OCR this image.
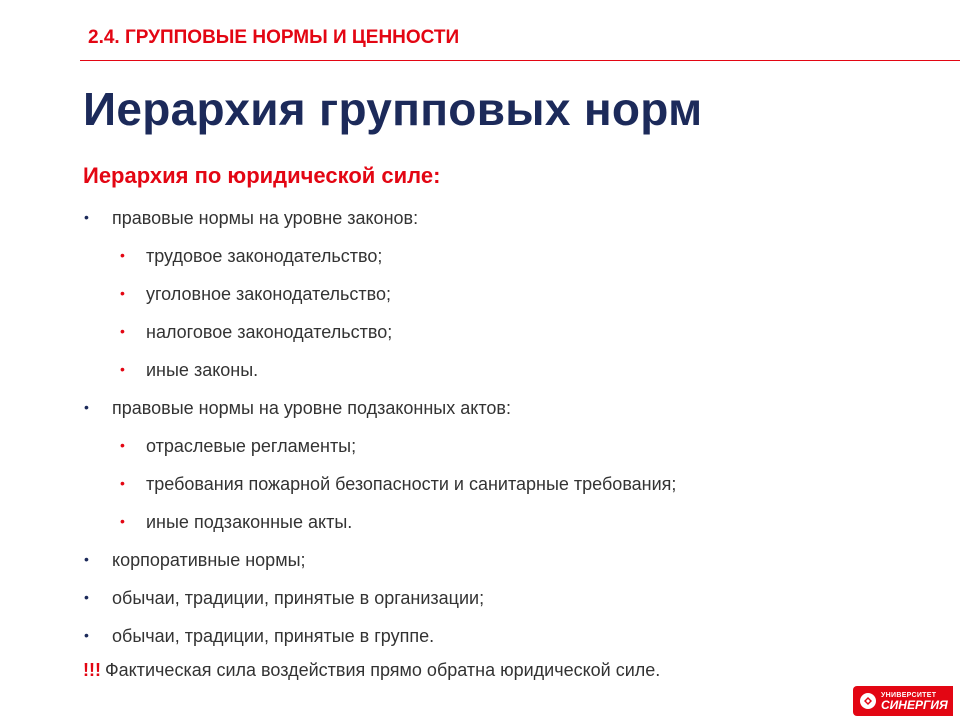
2.4. ГРУППОВЫЕ НОРМЫ И ЦЕННОСТИ
Иерархия групповых норм
Иерархия по юридической силе:
• правовые нормы на уровне законов:
• трудовое законодательство;
• уголовное законодательство;
• налоговое законодательство;
• иные законы.
• правовые нормы на уровне подзаконных актов:
• отраслевые регламенты;
• требования пожарной безопасности и санитарные требования;
• иные подзаконные акты.
• корпоративные нормы;
• обычаи, традиции, принятые в организации;
• обычаи, традиции, принятые в группе.
!!! Фактическая сила воздействия прямо обратна юридической силе.
УНИВЕРСИТЕТ
СИНЕРГИЯ
